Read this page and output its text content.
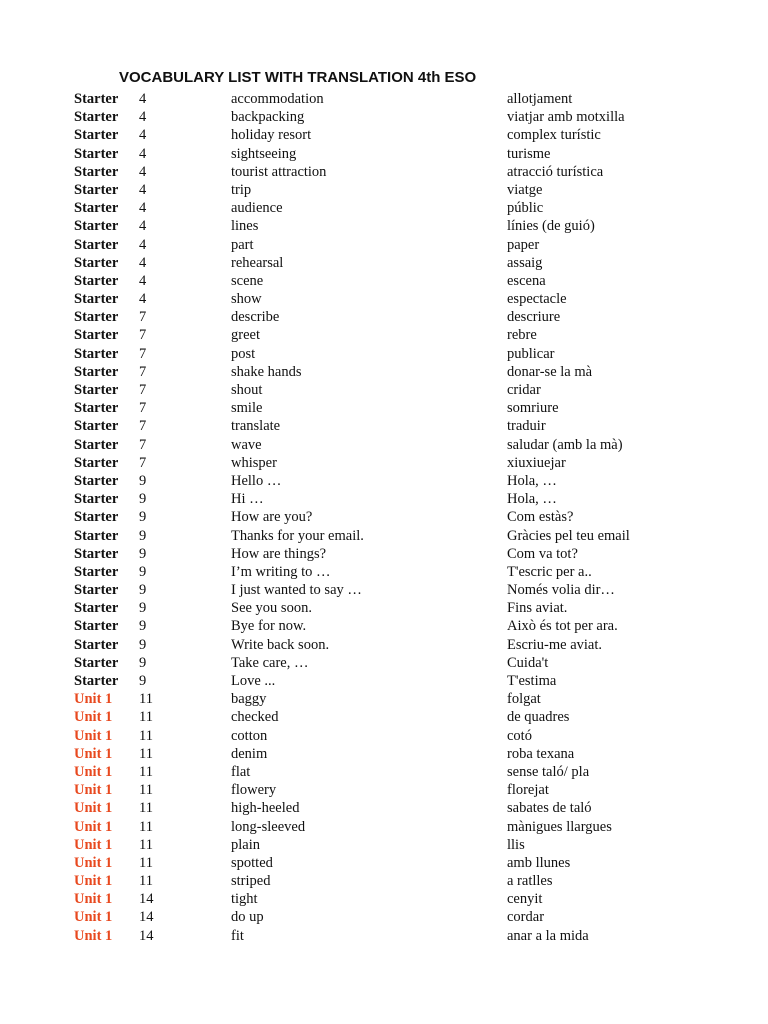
VOCABULARY LIST WITH TRANSLATION 4th ESO
Starter 4	accommodation	allotjament
Starter 4	backpacking	viatjar amb motxilla
Starter 4	holiday resort	complex turístic
Starter 4	sightseeing	turisme
Starter 4	tourist attraction	atracció turística
Starter 4	trip	viatge
Starter 4	audience	públic
Starter 4	lines	línies (de guió)
Starter 4	part	paper
Starter 4	rehearsal	assaig
Starter 4	scene	escena
Starter 4	show	espectacle
Starter 7	describe	descriure
Starter 7	greet	rebre
Starter 7	post	publicar
Starter 7	shake hands	donar-se la mà
Starter 7	shout	cridar
Starter 7	smile	somriure
Starter 7	translate	traduir
Starter 7	wave	saludar (amb la mà)
Starter 7	whisper	xiuxiuejar
Starter 9	Hello …	Hola, …
Starter 9	Hi …	Hola, …
Starter 9	How are you?	Com estàs?
Starter 9	Thanks for your email.	Gràcies pel teu email
Starter 9	How are things?	Com va tot?
Starter 9	I’m writing to …	T'escric per a..
Starter 9	I just wanted to say …	Només volia dir…
Starter 9	See you soon.	Fins aviat.
Starter 9	Bye for now.	Això és tot per ara.
Starter 9	Write back soon.	Escriu-me aviat.
Starter 9	Take care, …	Cuida't
Starter 9	Love ...	T'estima
Unit 1 11	baggy	folgat
Unit 1 11	checked	de quadres
Unit 1 11	cotton	cotó
Unit 1 11	denim	roba texana
Unit 1 11	flat	sense taló/ pla
Unit 1 11	flowery	florejat
Unit 1 11	high-heeled	sabates de taló
Unit 1 11	long-sleeved	mànigues llargues
Unit 1 11	plain	llis
Unit 1 11	spotted	amb llunes
Unit 1 11	striped	a ratlles
Unit 1 14	tight	cenyit
Unit 1 14	do up	cordar
Unit 1 14	fit	anar a la mida
